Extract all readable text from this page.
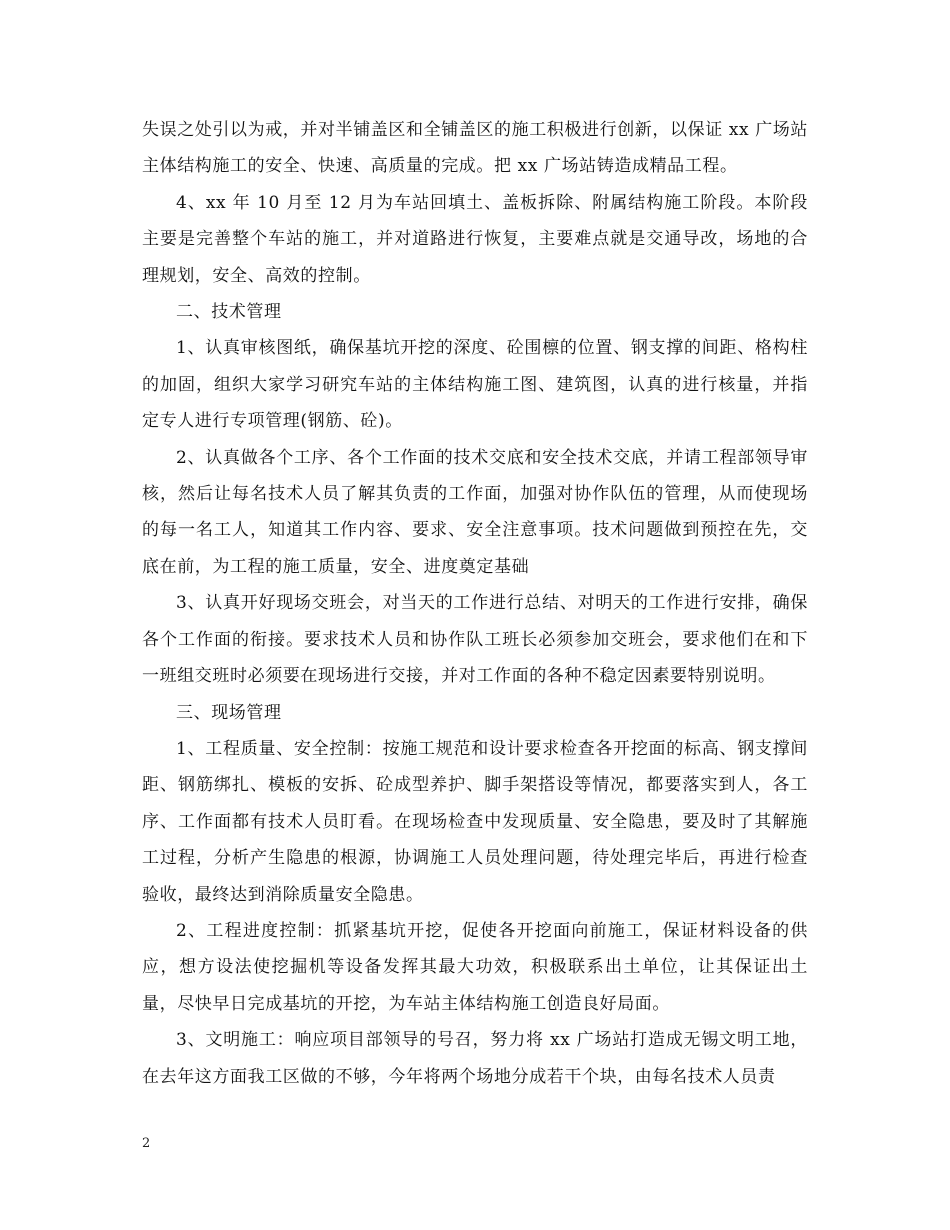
失误之处引以为戒，并对半铺盖区和全铺盖区的施工积极进行创新，以保证 xx 广场站主体结构施工的安全、快速、高质量的完成。把 xx 广场站铸造成精品工程。

4、xx 年 10 月至 12 月为车站回填土、盖板拆除、附属结构施工阶段。本阶段主要是完善整个车站的施工，并对道路进行恢复，主要难点就是交通导改，场地的合理规划，安全、高效的控制。

二、技术管理

1、认真审核图纸，确保基坑开挖的深度、砼围檩的位置、钢支撑的间距、格构柱的加固，组织大家学习研究车站的主体结构施工图、建筑图，认真的进行核量，并指定专人进行专项管理(钢筋、砼)。

2、认真做各个工序、各个工作面的技术交底和安全技术交底，并请工程部领导审核，然后让每名技术人员了解其负责的工作面，加强对协作队伍的管理，从而使现场的每一名工人，知道其工作内容、要求、安全注意事项。技术问题做到预控在先，交底在前，为工程的施工质量，安全、进度奠定基础

3、认真开好现场交班会，对当天的工作进行总结、对明天的工作进行安排，确保各个工作面的衔接。要求技术人员和协作队工班长必须参加交班会，要求他们在和下一班组交班时必须要在现场进行交接，并对工作面的各种不稳定因素要特别说明。

三、现场管理

1、工程质量、安全控制：按施工规范和设计要求检查各开挖面的标高、钢支撑间距、钢筋绑扎、模板的安拆、砼成型养护、脚手架搭设等情况，都要落实到人，各工序、工作面都有技术人员盯看。在现场检查中发现质量、安全隐患，要及时了其解施工过程，分析产生隐患的根源，协调施工人员处理问题，待处理完毕后，再进行检查验收，最终达到消除质量安全隐患。

2、工程进度控制：抓紧基坑开挖，促使各开挖面向前施工，保证材料设备的供应，想方设法使挖掘机等设备发挥其最大功效，积极联系出土单位，让其保证出土量，尽快早日完成基坑的开挖，为车站主体结构施工创造良好局面。

3、文明施工：响应项目部领导的号召，努力将 xx 广场站打造成无锡文明工地，在去年这方面我工区做的不够，今年将两个场地分成若干个块，由每名技术人员责

2
